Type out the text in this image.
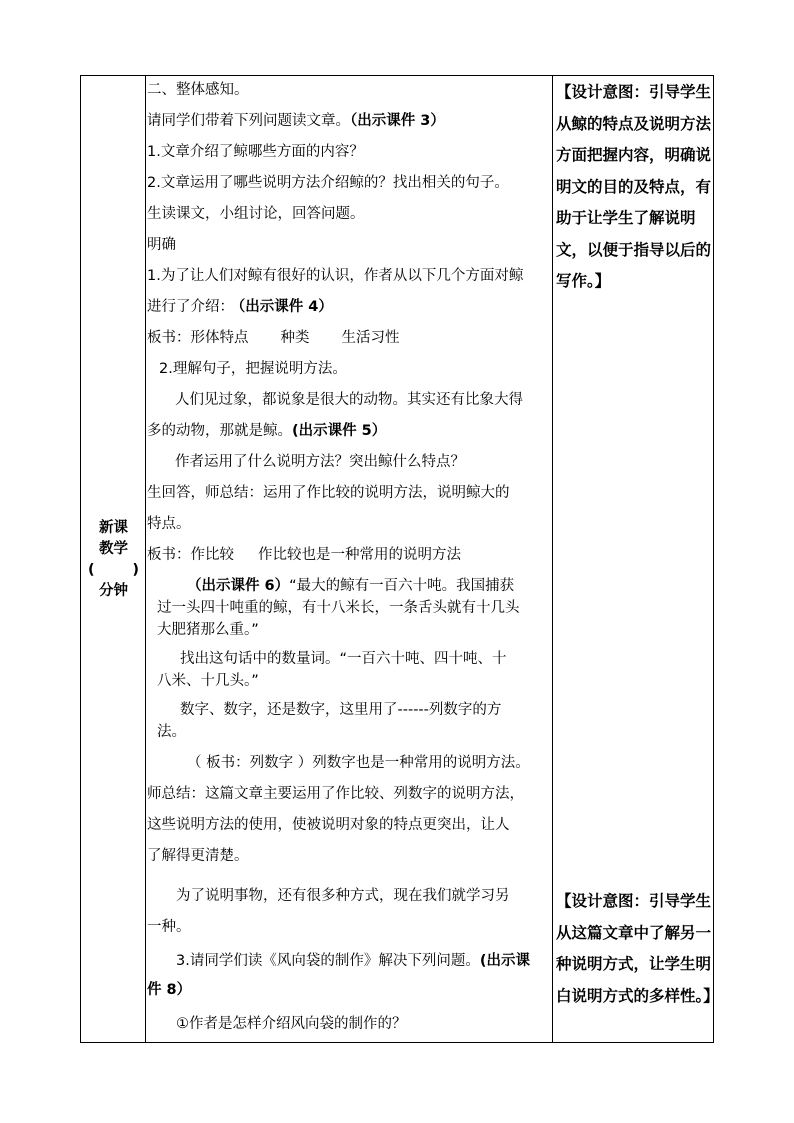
新课
教学
(	)
分钟
二、整体感知。
请同学们带着下列问题读文章。（出示课件 3）
1.文章介绍了鲸哪些方面的内容？
2.文章运用了哪些说明方法介绍鲸的？找出相关的句子。
生读课文，小组讨论，回答问题。
明确
1.为了让人们对鲸有很好的认识，作者从以下几个方面对鲸
进行了介绍： （出示课件 4）
板书：形体特点 种类 生活习性
2.理解句子，把握说明方法。
人们见过象，都说象是很大的动物。其实还有比象大得
多的动物，那就是鲸。(出示课件 5）
作者运用了什么说明方法？突出鲸什么特点？
生回答，师总结：运用了作比较的说明方法，说明鲸大的
特点。
板书：作比较 作比较也是一种常用的说明方法
（出示课件 6）“最大的鲸有一百六十吨。我国捕获
过一头四十吨重的鲸，有十八米长，一条舌头就有十几头
大肥猪那么重。”
找出这句话中的数量词。“一百六十吨、四十吨、十
八米、十几头。”
数字、数字，还是数字，这里用了------列数字的方
法。
（ 板书：列数字 ）列数字也是一种常用的说明方法。
师总结：这篇文章主要运用了作比较、列数字的说明方法，
这些说明方法的使用，使被说明对象的特点更突出，让人
了解得更清楚。
为了说明事物，还有很多种方式，现在我们就学习另
一种。
3.请同学们读《风向袋的制作》解决下列问题。(出示课
件 8）
①作者是怎样介绍风向袋的制作的？
【设计意图：引导学生从鲸的特点及说明方法方面把握内容，明确说明文的目的及特点，有助于让学生了解说明文，以便于指导以后的写作。】
【设计意图：引导学生从这篇文章中了解另一种说明方式，让学生明白说明方式的多样性。】
